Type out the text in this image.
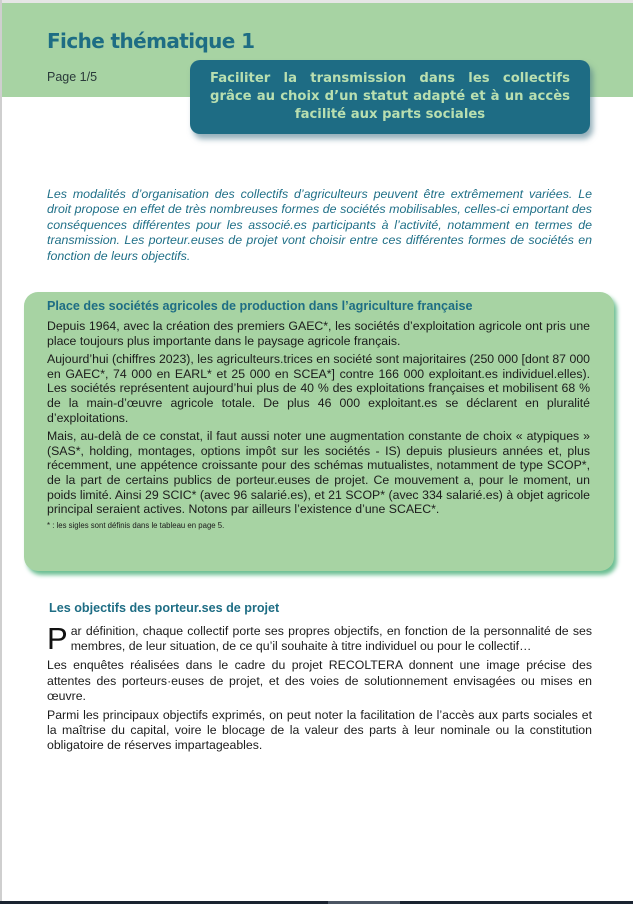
Fiche thématique 1
Page 1/5	Faciliter la transmission dans les collectifs grâce au choix d’un statut adapté et à un accès facilité aux parts sociales
Les modalités d’organisation des collectifs d’agriculteurs peuvent être extrêmement variées. Le droit propose en effet de très nombreuses formes de sociétés mobilisables, celles-ci emportant des conséquences différentes pour les associé.es participants à l’activité, notamment en termes de transmission. Les porteur.euses de projet vont choisir entre ces différentes formes de sociétés en fonction de leurs objectifs.
Place des sociétés agricoles de production dans l’agriculture française

Depuis 1964, avec la création des premiers GAEC*, les sociétés d’exploitation agricole ont pris une place toujours plus importante dans le paysage agricole français.

Aujourd’hui (chiffres 2023), les agriculteurs.trices en société sont majoritaires (250 000 [dont 87 000 en GAEC*, 74 000 en EARL* et 25 000 en SCEA*] contre 166 000 exploitant.es individuel.elles). Les sociétés représentent aujourd’hui plus de 40 % des exploitations françaises et mobilisent 68 % de la main-d’œuvre agricole totale. De plus 46 000 exploitant.es se déclarent en pluralité d’exploitations.

Mais, au-delà de ce constat, il faut aussi noter une augmentation constante de choix « atypiques » (SAS*, holding, montages, options impôt sur les sociétés - IS) depuis plusieurs années et, plus récemment, une appétence croissante pour des schémas mutualistes, notamment de type SCOP*, de la part de certains publics de porteur.euses de projet. Ce mouvement a, pour le moment, un poids limité. Ainsi 29 SCIC* (avec 96 salarié.es), et 21 SCOP* (avec 334 salarié.es) à objet agricole principal seraient actives. Notons par ailleurs l’existence d’une SCAEC*.

* : les sigles sont définis dans le tableau en page 5.
Les objectifs des porteur.ses de projet

Par définition, chaque collectif porte ses propres objectifs, en fonction de la personnalité de ses membres, de leur situation, de ce qu’il souhaite à titre individuel ou pour le collectif…

Les enquêtes réalisées dans le cadre du projet RECOLTERA donnent une image précise des attentes des porteurs·euses de projet, et des voies de solutionnement envisagées ou mises en œuvre.

Parmi les principaux objectifs exprimés, on peut noter la facilitation de l’accès aux parts sociales et la maîtrise du capital, voire le blocage de la valeur des parts à leur nominale ou la constitution obligatoire de réserves impartageables.
